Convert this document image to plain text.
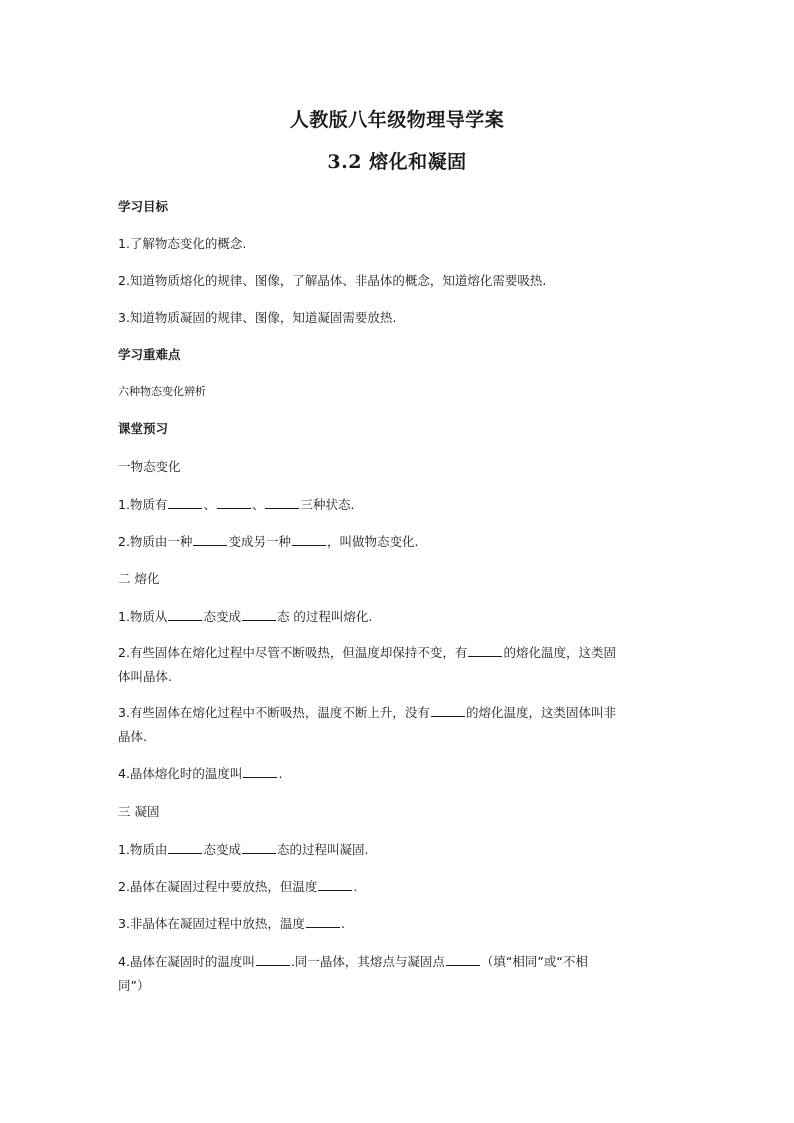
人教版八年级物理导学案
3.2 熔化和凝固
学习目标
1.了解物态变化的概念.
2.知道物质熔化的规律、图像，了解晶体、非晶体的概念，知道熔化需要吸热.
3.知道物质凝固的规律、图像，知道凝固需要放热.
学习重难点
六种物态变化辨析
课堂预习
一物态变化
1.物质有	、	、	三种状态.
2.物质由一种	变成另一种	，叫做物态变化.
二 熔化
1.物质从	态变成	态 的过程叫熔化.
2.有些固体在熔化过程中尽管不断吸热，但温度却保持不变，有	的熔化温度，这类固
体叫晶体.
3.有些固体在熔化过程中不断吸热，温度不断上升，没有	的熔化温度，这类固体叫非
晶体.
4.晶体熔化时的温度叫	.
三 凝固
1.物质由	态变成	态的过程叫凝固.
2.晶体在凝固过程中要放热，但温度	.
3.非晶体在凝固过程中放热，温度	.
4.晶体在凝固时的温度叫	.同一晶体，其熔点与凝固点	（填“相同”或“不相
同”）
